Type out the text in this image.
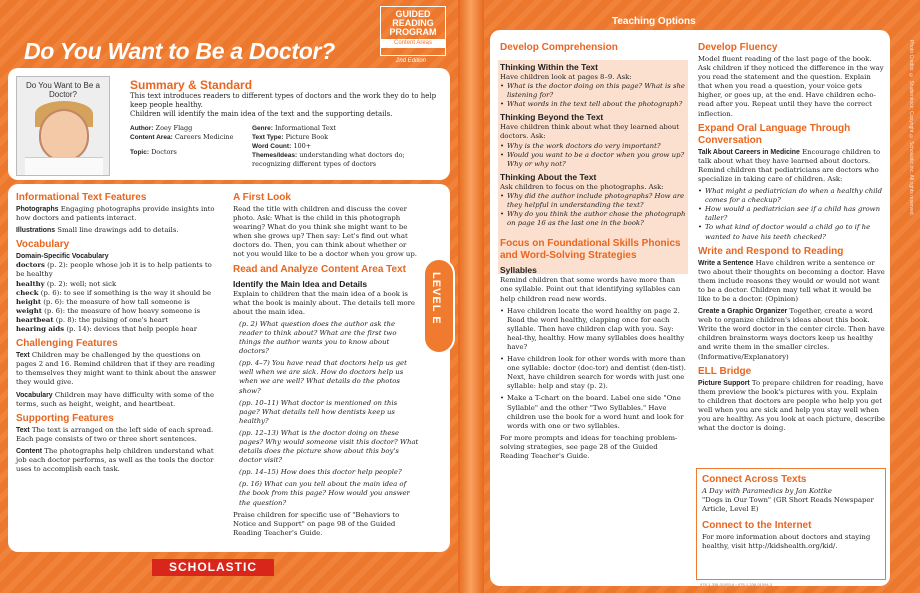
Do You Want to Be a Doctor?
GUIDED
READING
PROGRAM
Content Areas
2nd Edition
Do You Want to Be a Doctor?
Summary & Standard
This text introduces readers to different types of doctors and the work they do to help keep people healthy.
Children will identify the main idea of the text and the supporting details.
Author: Zoey Flagg
Content Area: Careers Medicine
Topic: Doctors
Genre: Informational Text
Text Type: Picture Book
Word Count: 100+
Themes/Ideas: understanding what doctors do; recognizing different types of doctors
Informational Text Features
Photographs Engaging photographs provide insights into how doctors and patients interact.
Illustrations Small line drawings add to details.
Vocabulary
Domain-Specific Vocabulary
doctors (p. 2): people whose job it is to help patients to be healthy
healthy (p. 2): well; not sick
check (p. 6): to see if something is the way it should be
height (p. 6): the measure of how tall someone is
weight (p. 6): the measure of how heavy someone is
heartbeat (p. 8): the pulsing of one's heart
hearing aids (p. 14): devices that help people hear
Challenging Features
Text Children may be challenged by the questions on pages 2 and 16. Remind children that if they are reading to themselves they might want to think about the answer they would give.
Vocabulary Children may have difficulty with some of the terms, such as height, weight, and heartbeat.
Supporting Features
Text The text is arranged on the left side of each spread. Each page consists of two or three short sentences.
Content The photographs help children understand what job each doctor performs, as well as the tools the doctor uses to accomplish each task.
A First Look
Read the title with children and discuss the cover photo. Ask: What is the child in this photograph wearing? What do you think she might want to be when she grows up? Then say: Let's find out what doctors do. Then, you can think about whether or not you would like to be a doctor when you grow up.
Read and Analyze Content Area Text
Identify the Main Idea and Details
Explain to children that the main idea of a book is what the book is mainly about. The details tell more about the main idea.
(p. 2) What question does the author ask the reader to think about? What are the first two things the author wants you to know about doctors?
(pp. 4–7) You have read that doctors help us get well when we are sick. How do doctors help us when we are well? What details do the photos show?
(pp. 10–11) What doctor is mentioned on this page? What details tell how dentists keep us healthy?
(pp. 12–13) What is the doctor doing on these pages? Why would someone visit this doctor? What details does the picture show about this boy's doctor visit?
(pp. 14–15) How does this doctor help people?
(p. 16) What can you tell about the main idea of the book from this page? How would you answer the question?
Praise children for specific use of "Behaviors to Notice and Support" on page 98 of the Guided Reading Teacher's Guide.
LEVEL E
SCHOLASTIC
Teaching Options
Develop Comprehension
Thinking Within the Text
Have children look at pages 8–9. Ask:
• What is the doctor doing on this page? What is she listening for?
• What words in the text tell about the photograph?
Thinking Beyond the Text
Have children think about what they learned about doctors. Ask:
• Why is the work doctors do very important?
• Would you want to be a doctor when you grow up? Why or why not?
Thinking About the Text
Ask children to focus on the photographs. Ask:
• Why did the author include photographs? How are they helpful in understanding the text?
• Why do you think the author chose the photograph on page 16 as the last one in the book?
Focus on Foundational Skills Phonics and Word-Solving Strategies
Syllables
Remind children that some words have more than one syllable. Point out that identifying syllables can help children read new words.
• Have children locate the word healthy on page 2. Read the word healthy, clapping once for each syllable. Then have children clap with you. Say: heal-thy, healthy. How many syllables does healthy have?
• Have children look for other words with more than one syllable: doctor (doc-tor) and dentist (den-tist). Next, have children search for words with just one syllable: help and stay (p. 2).
• Make a T-chart on the board. Label one side "One Syllable" and the other "Two Syllables." Have children use the book for a word hunt and look for words with one or two syllables.
For more prompts and ideas for teaching problem-solving strategies, see page 28 of the Guided Reading Teacher's Guide.
Develop Fluency
Model fluent reading of the last page of the book. Ask children if they noticed the difference in the way you read the statement and the question. Explain that when you read a question, your voice gets higher, or goes up, at the end. Have children echo-read after you. Repeat until they have the correct inflection.
Expand Oral Language Through Conversation
Talk About Careers in Medicine Encourage children to talk about what they have learned about doctors. Remind children that pediatricians are doctors who specialize in taking care of children. Ask:
• What might a pediatrician do when a healthy child comes for a checkup?
• How would a pediatrician see if a child has grown taller?
• To what kind of doctor would a child go to if he wanted to have his teeth checked?
Write and Respond to Reading
Write a Sentence Have children write a sentence or two about their thoughts on becoming a doctor. Have them include reasons they would or would not want to be a doctor. Children may tell what it would be like to be a doctor. (Opinion)
Create a Graphic Organizer Together, create a word web to organize children's ideas about this book. Write the word doctor in the center circle. Then have children brainstorm ways doctors keep us healthy and write them in the smaller circles. (Informative/Explanatory)
ELL Bridge
Picture Support To prepare children for reading, have them preview the book's pictures with you. Explain to children that doctors are people who help you get well when you are sick and help you stay well when you are healthy. As you look at each picture, describe what the doctor is doing.
Connect Across Texts
A Day with Paramedics by Jan Kottke
"Dogs in Our Town" (GR Short Reads Newspaper Article, Level E)
Connect to the Internet
For more information about doctors and staying healthy, visit http://kidshealth.org/kid/.
Photo Credits: © Shutterstock; Copyright © Scholastic Inc. All rights reserved.
978-1-338-01093-6 • 978-1-338-01094-3
